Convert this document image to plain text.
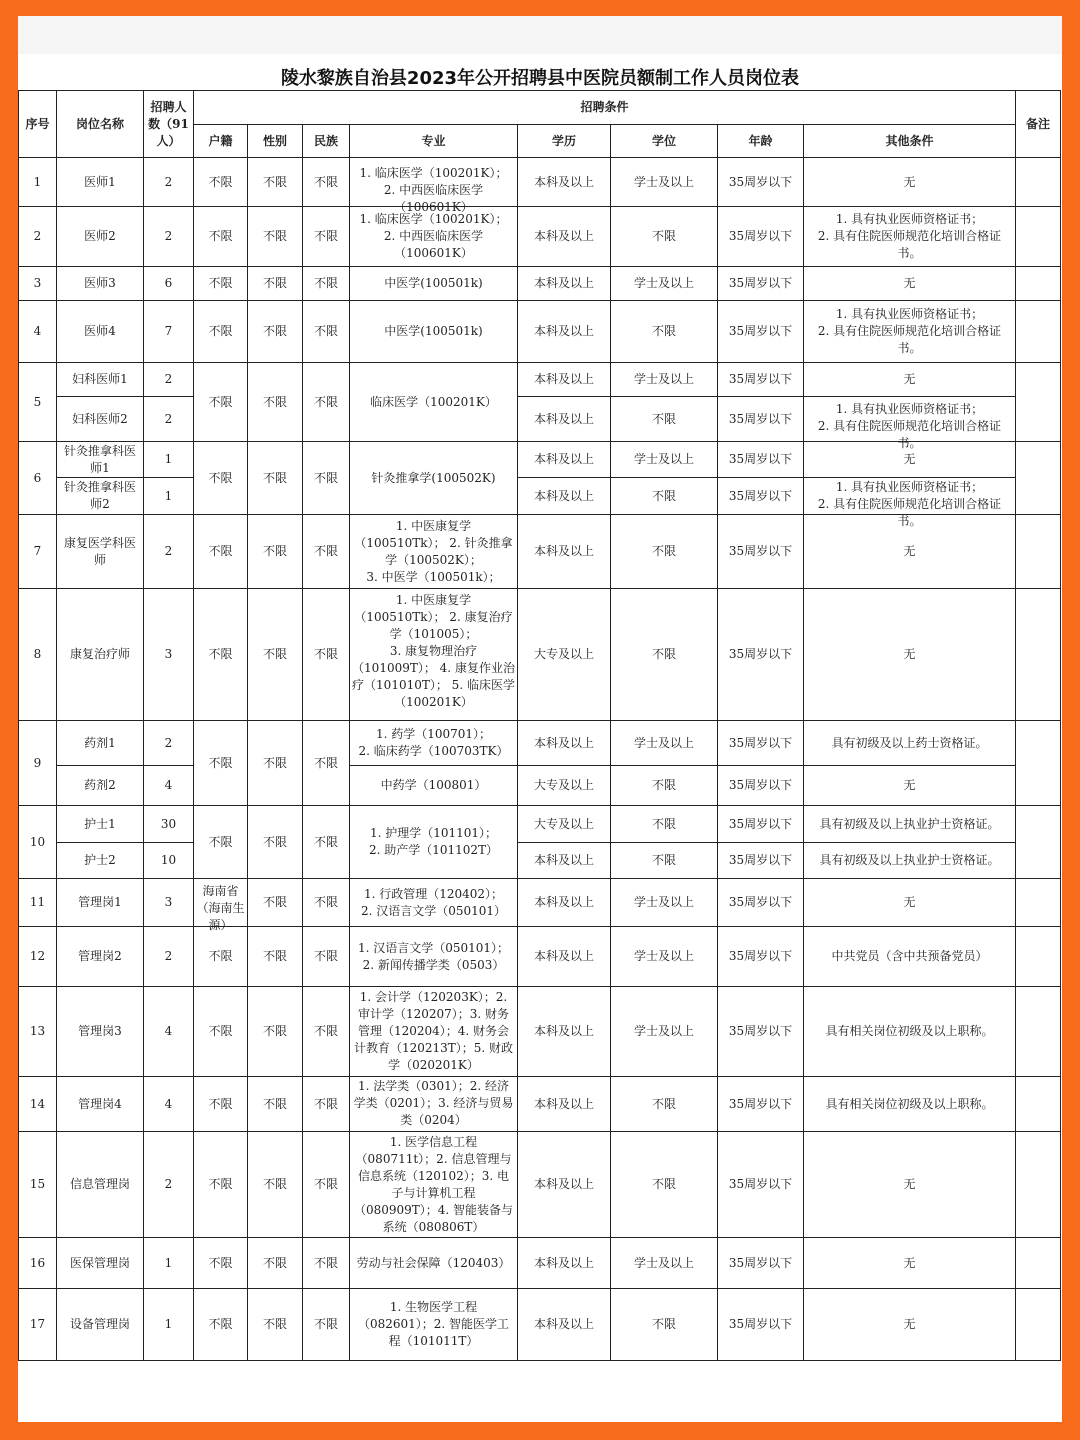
陵水黎族自治县2023年公开招聘县中医院员额制工作人员岗位表
序号	岗位名称	招聘人数（91人）	招聘条件								备注
			户籍	性别	民族	专业	学历	学位	年龄	其他条件	
1	医师1	2	不限	不限	不限	1. 临床医学（100201K）；
2. 中西医临床医学（100601K）	本科及以上	学士及以上	35周岁以下	无	
2	医师2	2	不限	不限	不限	1. 临床医学（100201K）；
2. 中西医临床医学
（100601K）	本科及以上	不限	35周岁以下	1. 具有执业医师资格证书；
2. 具有住院医师规范化培训合格证书。	
3	医师3	6	不限	不限	不限	中医学(100501k)	本科及以上	学士及以上	35周岁以下	无	
4	医师4	7	不限	不限	不限	中医学(100501k)	本科及以上	不限	35周岁以下	1. 具有执业医师资格证书；
2. 具有住院医师规范化培训合格证书。	
5	妇科医师1	2	不限	不限	不限	临床医学（100201K）	本科及以上	学士及以上	35周岁以下	无	
	妇科医师2	2					本科及以上	不限	35周岁以下	1. 具有执业医师资格证书；
2. 具有住院医师规范化培训合格证书。	

6	针灸推拿科医师1	1	不限	不限	不限	针灸推拿学(100502K)	本科及以上	学士及以上	35周岁以下	无	
	针灸推拿科医师2	1					本科及以上	不限	35周岁以下	1. 具有执业医师资格证书；
2. 具有住院医师规范化培训合格证书。	

7	康复医学科医师	2	不限	不限	不限	1. 中医康复学（100510Tk）； 2. 针灸推拿学（100502K）；
3. 中医学（100501k）；	本科及以上	不限	35周岁以下	无	
8	康复治疗师	3	不限	不限	不限	1. 中医康复学（100510Tk）； 2. 康复治疗学（101005）；
3. 康复物理治疗（101009T）； 4. 康复作业治疗（101010T）； 5. 临床医学（100201K）	大专及以上	不限	35周岁以下	无	
9	药剂1	2	不限	不限	不限	1. 药学（100701）；
2. 临床药学（100703TK）	本科及以上	学士及以上	35周岁以下	具有初级及以上药士资格证。	
	药剂2	4				中药学（100801）	大专及以上	不限	35周岁以下	无	
10	护士1	30	不限	不限	不限	1. 护理学（101101）；
2. 助产学（101102T）	大专及以上	不限	35周岁以下	具有初级及以上执业护士资格证。	
	护士2	10					本科及以上	不限	35周岁以下	具有初级及以上执业护士资格证。	
11	管理岗1	3	海南省（海南生源）	不限	不限	1. 行政管理（120402）；
2. 汉语言文学（050101）	本科及以上	学士及以上	35周岁以下	无	
12	管理岗2	2	不限	不限	不限	1. 汉语言文学（050101）；
2. 新闻传播学类（0503）	本科及以上	学士及以上	35周岁以下	中共党员（含中共预备党员）	
13	管理岗3	4	不限	不限	不限	1. 会计学（120203K）；2. 审计学（120207）；3. 财务管理（120204）；4. 财务会计教育（120213T）；5. 财政学（020201K）	本科及以上	学士及以上	35周岁以下	具有相关岗位初级及以上职称。	
14	管理岗4	4	不限	不限	不限	1. 法学类（0301）；2. 经济学类（0201）；3. 经济与贸易类（0204）	本科及以上	不限	35周岁以下	具有相关岗位初级及以上职称。	
15	信息管理岗	2	不限	不限	不限	1. 医学信息工程（080711t）；2. 信息管理与信息系统（120102）；3. 电子与计算机工程（080909T）；4. 智能装备与系统（080806T）	本科及以上	不限	35周岁以下	无	
16	医保管理岗	1	不限	不限	不限	劳动与社会保障（120403）	本科及以上	学士及以上	35周岁以下	无	
17	设备管理岗	1	不限	不限	不限	1. 生物医学工程（082601）；2. 智能医学工程（101011T）	本科及以上	不限	35周岁以下	无	
